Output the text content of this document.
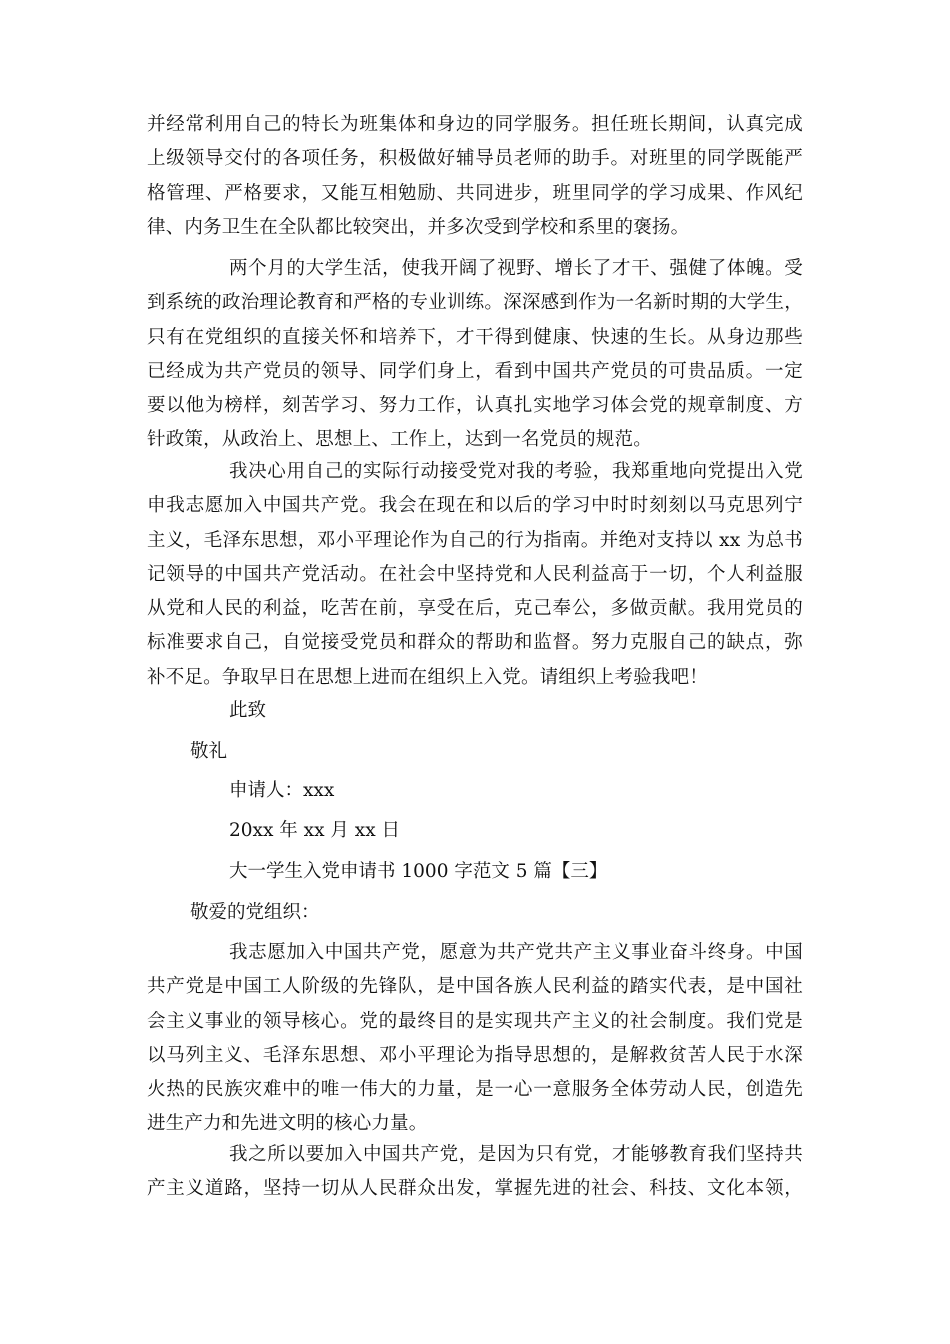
并经常利用自己的特长为班集体和身边的同学服务。担任班长期间，认真完成
上级领导交付的各项任务，积极做好辅导员老师的助手。对班里的同学既能严
格管理、严格要求，又能互相勉励、共同进步，班里同学的学习成果、作风纪
律、内务卫生在全队都比较突出，并多次受到学校和系里的褒扬。
两个月的大学生活，使我开阔了视野、增长了才干、强健了体魄。受
到系统的政治理论教育和严格的专业训练。深深感到作为一名新时期的大学生，
只有在党组织的直接关怀和培养下，才干得到健康、快速的生长。从身边那些
已经成为共产党员的领导、同学们身上，看到中国共产党员的可贵品质。一定
要以他为榜样，刻苦学习、努力工作，认真扎实地学习体会党的规章制度、方
针政策，从政治上、思想上、工作上，达到一名党员的规范。
我决心用自己的实际行动接受党对我的考验，我郑重地向党提出入党
申我志愿加入中国共产党。我会在现在和以后的学习中时时刻刻以马克思列宁
主义，毛泽东思想，邓小平理论作为自己的行为指南。并绝对支持以 xx 为总书
记领导的中国共产党活动。在社会中坚持党和人民利益高于一切，个人利益服
从党和人民的利益，吃苦在前，享受在后，克己奉公，多做贡献。我用党员的
标准要求自己，自觉接受党员和群众的帮助和监督。努力克服自己的缺点，弥
补不足。争取早日在思想上进而在组织上入党。请组织上考验我吧！

此致

敬礼

申请人：xxx

20xx 年 xx 月 xx 日

大一学生入党申请书 1000 字范文 5 篇【三】

敬爱的党组织：

我志愿加入中国共产党，愿意为共产党共产主义事业奋斗终身。中国
共产党是中国工人阶级的先锋队，是中国各族人民利益的踏实代表，是中国社
会主义事业的领导核心。党的最终目的是实现共产主义的社会制度。我们党是
以马列主义、毛泽东思想、邓小平理论为指导思想的，是解救贫苦人民于水深
火热的民族灾难中的唯一伟大的力量，是一心一意服务全体劳动人民，创造先
进生产力和先进文明的核心力量。
我之所以要加入中国共产党，是因为只有党，才能够教育我们坚持共
产主义道路，坚持一切从人民群众出发，掌握先进的社会、科技、文化本领，
